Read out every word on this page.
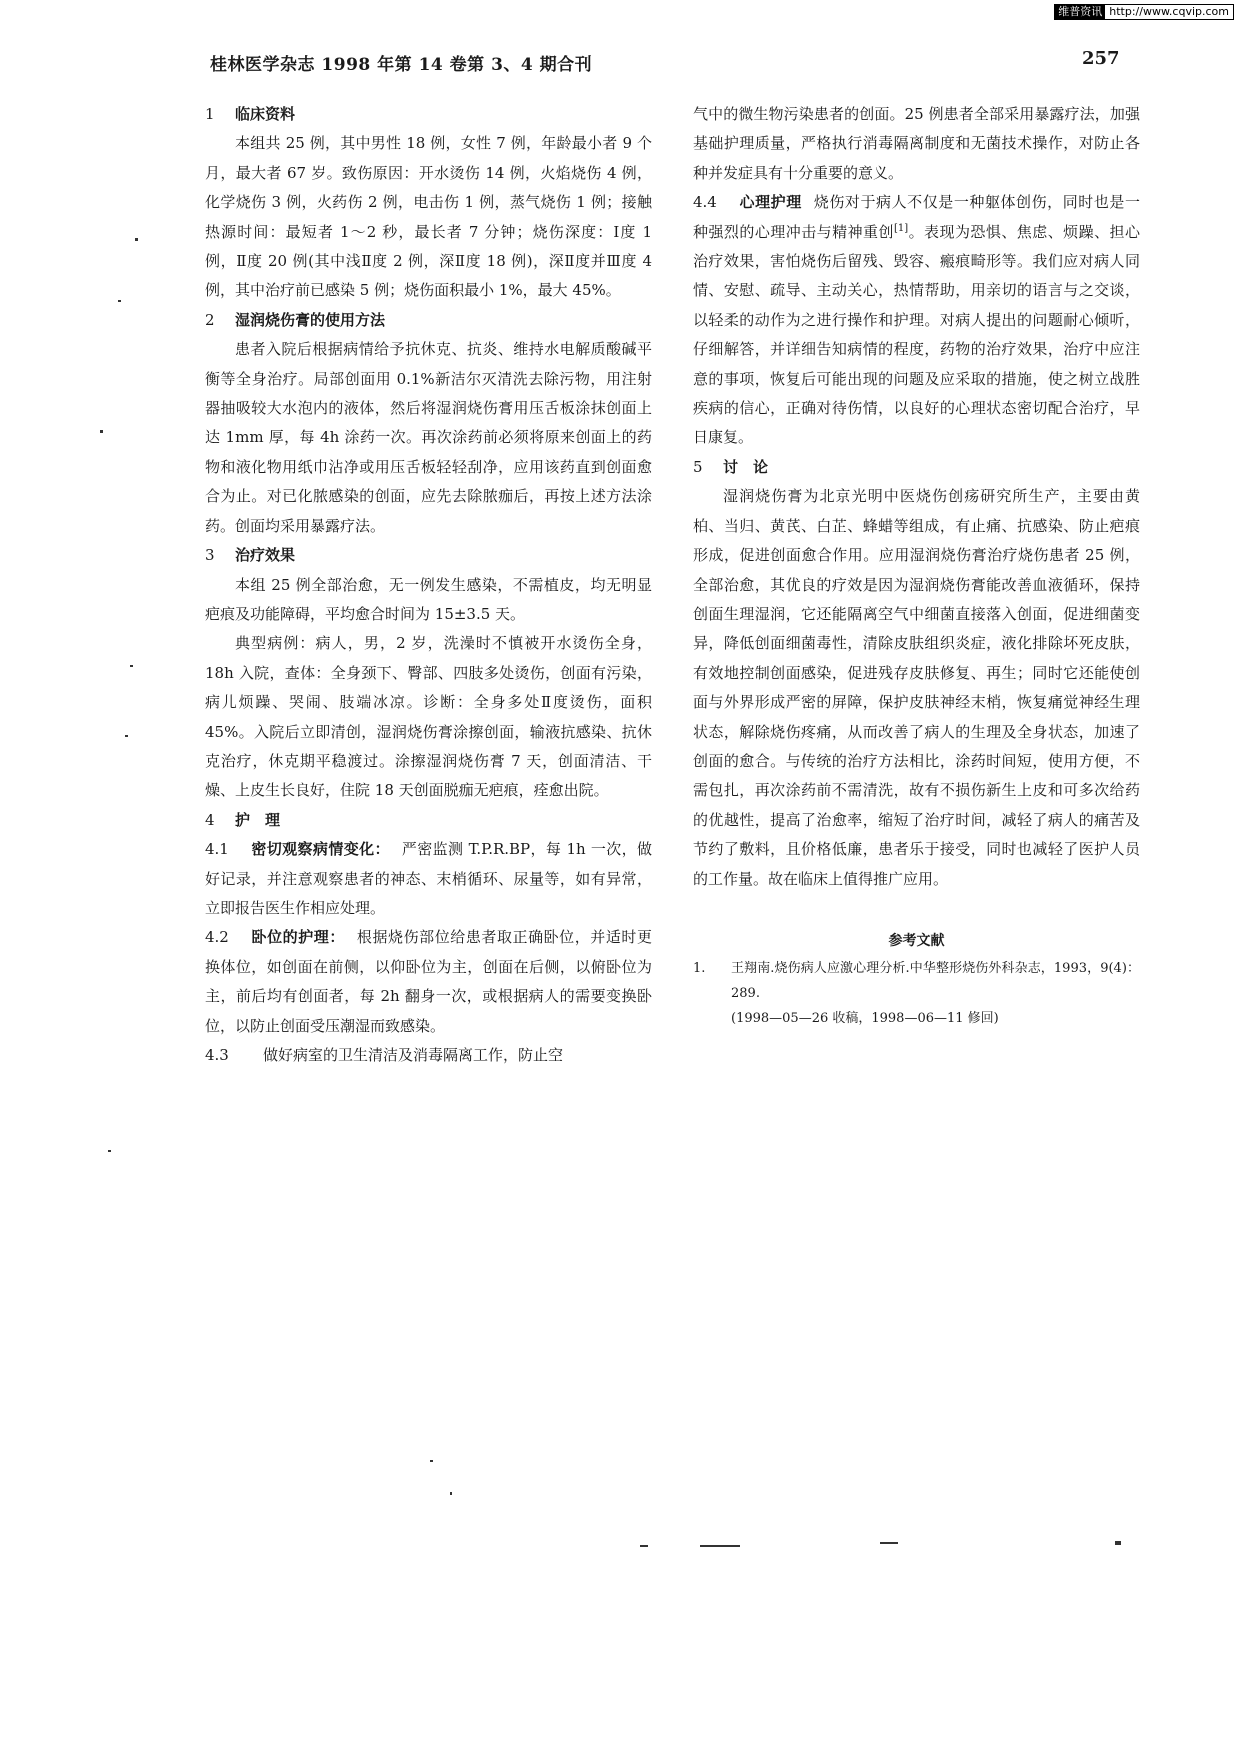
维普资讯 http://www.cqvip.com
桂林医学杂志 1998 年第 14 卷第 3、4 期合刊	257

1 临床资料

本组共 25 例，其中男性 18 例，女性 7 例，年龄最小者 9 个月，最大者 67 岁。致伤原因：开水烫伤 14 例，火焰烧伤 4 例，化学烧伤 3 例，火药伤 2 例，电击伤 1 例，蒸气烧伤 1 例；接触热源时间：最短者 1～2 秒，最长者 7 分钟；烧伤深度：Ⅰ度 1 例，Ⅱ度 20 例(其中浅Ⅱ度 2 例，深Ⅱ度 18 例)，深Ⅱ度并Ⅲ度 4 例，其中治疗前已感染 5 例；烧伤面积最小 1%，最大 45%。

2 湿润烧伤膏的使用方法

患者入院后根据病情给予抗休克、抗炎、维持水电解质酸碱平衡等全身治疗。局部创面用 0.1%新洁尔灭清洗去除污物，用注射器抽吸较大水泡内的液体，然后将湿润烧伤膏用压舌板涂抹创面上达 1mm 厚，每 4h 涂药一次。再次涂药前必须将原来创面上的药物和液化物用纸巾沾净或用压舌板轻轻刮净，应用该药直到创面愈合为止。对已化脓感染的创面，应先去除脓痂后，再按上述方法涂药。创面均采用暴露疗法。

3 治疗效果

本组 25 例全部治愈，无一例发生感染，不需植皮，均无明显疤痕及功能障碍，平均愈合时间为 15±3.5 天。

典型病例：病人，男，2 岁，洗澡时不慎被开水烫伤全身，18h 入院，查体：全身颈下、臀部、四肢多处烫伤，创面有污染，病儿烦躁、哭闹、肢端冰凉。诊断：全身多处Ⅱ度烫伤，面积 45%。入院后立即清创，湿润烧伤膏涂擦创面，输液抗感染、抗休克治疗，休克期平稳渡过。涂擦湿润烧伤膏 7 天，创面清洁、干燥、上皮生长良好，住院 18 天创面脱痂无疤痕，痊愈出院。

4 护　理

4.1 密切观察病情变化： 严密监测 T.P.R.BP，每 1h 一次，做好记录，并注意观察患者的神态、末梢循环、尿量等，如有异常，立即报告医生作相应处理。

4.2 卧位的护理： 根据烧伤部位给患者取正确卧位，并适时更换体位，如创面在前侧，以仰卧位为主，创面在后侧，以俯卧位为主，前后均有创面者，每 2h 翻身一次，或根据病人的需要变换卧位，以防止创面受压潮湿而致感染。

4.3 做好病室的卫生清洁及消毒隔离工作，防止空

气中的微生物污染患者的创面。25 例患者全部采用暴露疗法，加强基础护理质量，严格执行消毒隔离制度和无菌技术操作，对防止各种并发症具有十分重要的意义。

4.4 心理护理 烧伤对于病人不仅是一种躯体创伤，同时也是一种强烈的心理冲击与精神重创[1]。表现为恐惧、焦虑、烦躁、担心治疗效果，害怕烧伤后留残、毁容、瘢痕畸形等。我们应对病人同情、安慰、疏导、主动关心，热情帮助，用亲切的语言与之交谈，以轻柔的动作为之进行操作和护理。对病人提出的问题耐心倾听，仔细解答，并详细告知病情的程度，药物的治疗效果，治疗中应注意的事项，恢复后可能出现的问题及应采取的措施，使之树立战胜疾病的信心，正确对待伤情，以良好的心理状态密切配合治疗，早日康复。

5 讨　论

湿润烧伤膏为北京光明中医烧伤创疡研究所生产，主要由黄柏、当归、黄芪、白芷、蜂蜡等组成，有止痛、抗感染、防止疤痕形成，促进创面愈合作用。应用湿润烧伤膏治疗烧伤患者 25 例，全部治愈，其优良的疗效是因为湿润烧伤膏能改善血液循环，保持创面生理湿润，它还能隔离空气中细菌直接落入创面，促进细菌变异，降低创面细菌毒性，清除皮肤组织炎症，液化排除坏死皮肤，有效地控制创面感染，促进残存皮肤修复、再生；同时它还能使创面与外界形成严密的屏障，保护皮肤神经末梢，恢复痛觉神经生理状态，解除烧伤疼痛，从而改善了病人的生理及全身状态，加速了创面的愈合。与传统的治疗方法相比，涂药时间短，使用方便，不需包扎，再次涂药前不需清洗，故有不损伤新生上皮和可多次给药的优越性，提高了治愈率，缩短了治疗时间，减轻了病人的痛苦及节约了敷料，且价格低廉，患者乐于接受，同时也减轻了医护人员的工作量。故在临床上值得推广应用。

参考文献

1.	王翔南.烧伤病人应激心理分析.中华整形烧伤外科杂志，1993，9(4)：289.
(1998—05—26 收稿，1998—06—11 修回)
